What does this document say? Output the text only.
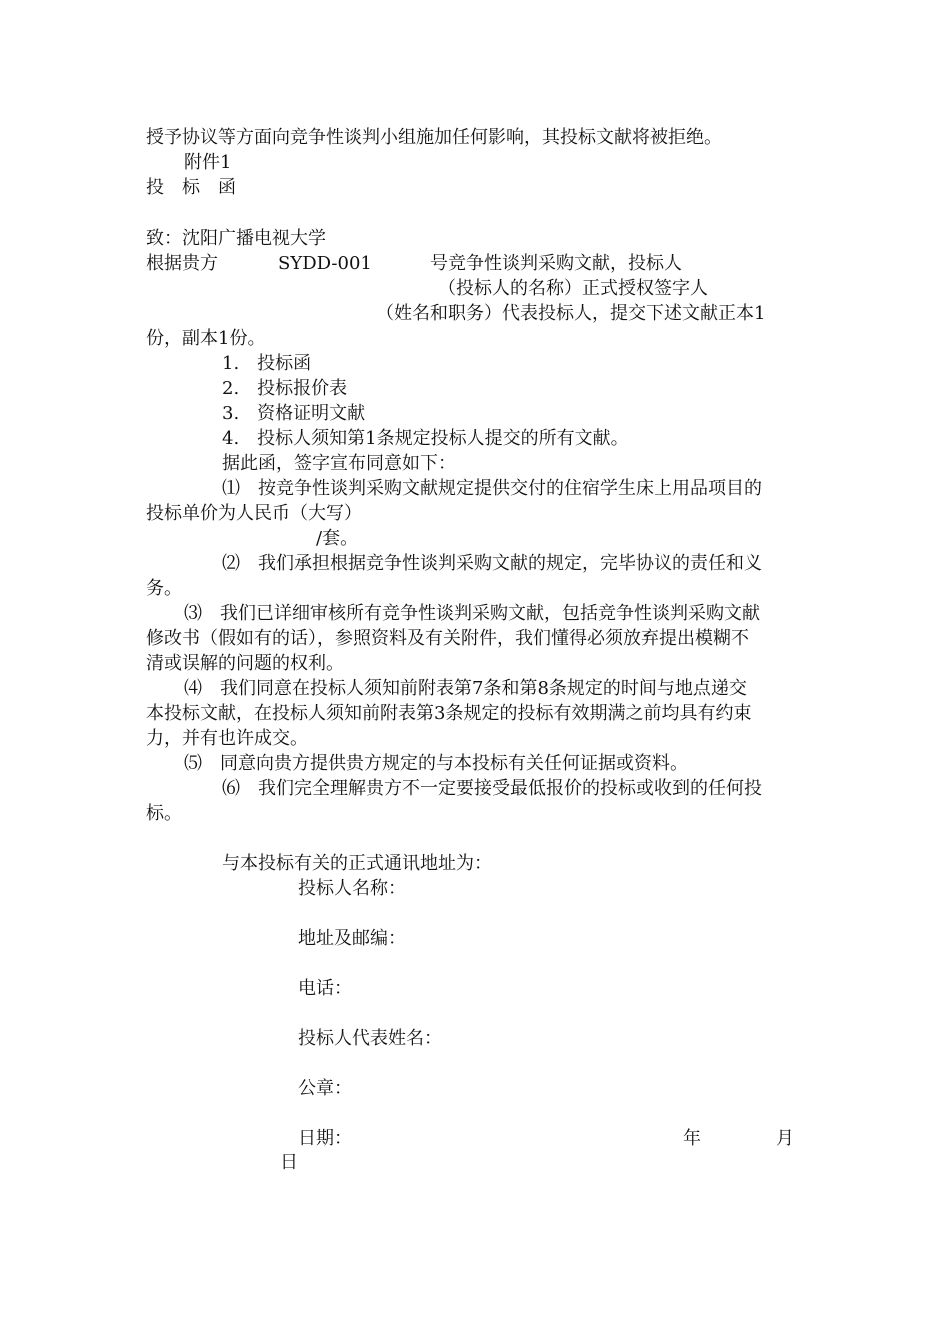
授予协议等方面向竞争性谈判小组施加任何影响，其投标文献将被拒绝。
附件1
投　标　函
致：沈阳广播电视大学
根据贵方	SYDD-001	号竞争性谈判采购文献，投标人
（投标人的名称）正式授权签字人
（姓名和职务）代表投标人，提交下述文献正本1
份，副本1份。
1.　投标函
2.　投标报价表
3.　资格证明文献
4.　投标人须知第1条规定投标人提交的所有文献。
据此函，签字宣布同意如下：
⑴　按竞争性谈判采购文献规定提供交付的住宿学生床上用品项目的
投标单价为人民币（大写）
/套。
⑵　我们承担根据竞争性谈判采购文献的规定，完毕协议的责任和义
务。
⑶　我们已详细审核所有竞争性谈判采购文献，包括竞争性谈判采购文献
修改书（假如有的话），参照资料及有关附件，我们懂得必须放弃提出模糊不
清或误解的问题的权利。
⑷　我们同意在投标人须知前附表第7条和第8条规定的时间与地点递交
本投标文献，在投标人须知前附表第3条规定的投标有效期满之前均具有约束
力，并有也许成交。
⑸　同意向贵方提供贵方规定的与本投标有关任何证据或资料。
⑹　我们完全理解贵方不一定要接受最低报价的投标或收到的任何投
标。
与本投标有关的正式通讯地址为：
投标人名称：
地址及邮编：
电话：
投标人代表姓名：
公章：
日期：	年	月
日
